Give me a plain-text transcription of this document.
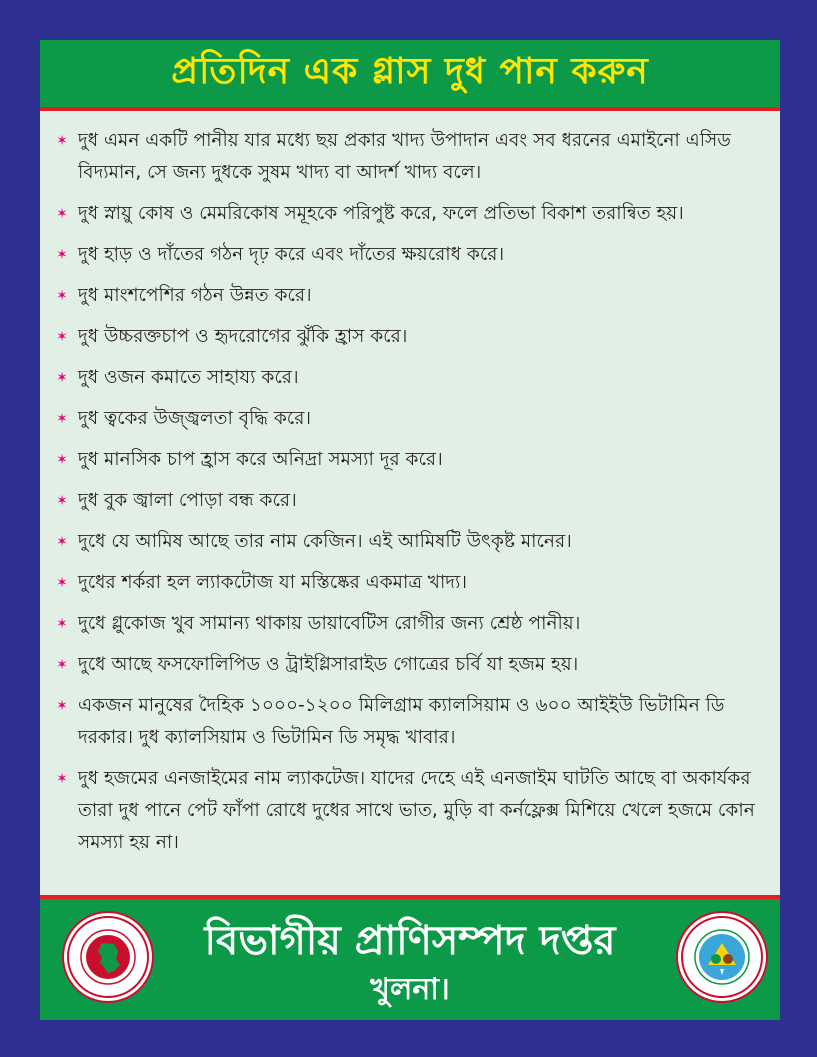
প্রতিদিন এক গ্লাস দুধ পান করুন
✶ দুধ এমন একটি পানীয় যার মধ্যে ছয় প্রকার খাদ্য উপাদান এবং সব ধরনের এমাইনো এসিড বিদ্যমান, সে জন্য দুধকে সুষম খাদ্য বা আদর্শ খাদ্য বলে।
✶ দুধ স্নায়ু কোষ ও মেমরিকোষ সমূহকে পরিপুষ্ট করে, ফলে প্রতিভা বিকাশ তরান্বিত হয়।
✶ দুধ হাড় ও দাঁতের গঠন দৃঢ় করে এবং দাঁতের ক্ষয়রোধ করে।
✶ দুধ মাংশপেশির গঠন উন্নত করে।
✶ দুধ উচ্চরক্তচাপ ও হৃদরোগের ঝুঁকি হ্রাস করে।
✶ দুধ ওজন কমাতে সাহায্য করে।
✶ দুধ ত্বকের উজ্জ্বলতা বৃদ্ধি করে।
✶ দুধ মানসিক চাপ হ্রাস করে অনিদ্রা সমস্যা দূর করে।
✶ দুধ বুক জ্বালা পোড়া বন্ধ করে।
✶ দুধে যে আমিষ আছে তার নাম কেজিন। এই আমিষটি উৎকৃষ্ট মানের।
✶ দুধের শর্করা হল ল্যাকটোজ যা মস্তিষ্কের একমাত্র খাদ্য।
✶ দুধে গ্লুকোজ খুব সামান্য থাকায় ডায়াবেটিস রোগীর জন্য শ্রেষ্ঠ পানীয়।
✶ দুধে আছে ফসফোলিপিড ও ট্রাইগ্লিসারাইড গোত্রের চর্বি যা হজম হয়।
✶ একজন মানুষের দৈহিক ১০০০-১২০০ মিলিগ্রাম ক্যালসিয়াম ও ৬০০ আইইউ ভিটামিন ডি দরকার। দুধ ক্যালসিয়াম ও ভিটামিন ডি সমৃদ্ধ খাবার।
✶ দুধ হজমের এনজাইমের নাম ল্যাকটেজ। যাদের দেহে এই এনজাইম ঘাটতি আছে বা অকার্যকর তারা দুধ পানে পেট ফাঁপা রোধে দুধের সাথে ভাত, মুড়ি বা কর্নফ্লেক্স মিশিয়ে খেলে হজমে কোন সমস্যা হয় না।
বিভাগীয় প্রাণিসম্পদ দপ্তর
খুলনা।
